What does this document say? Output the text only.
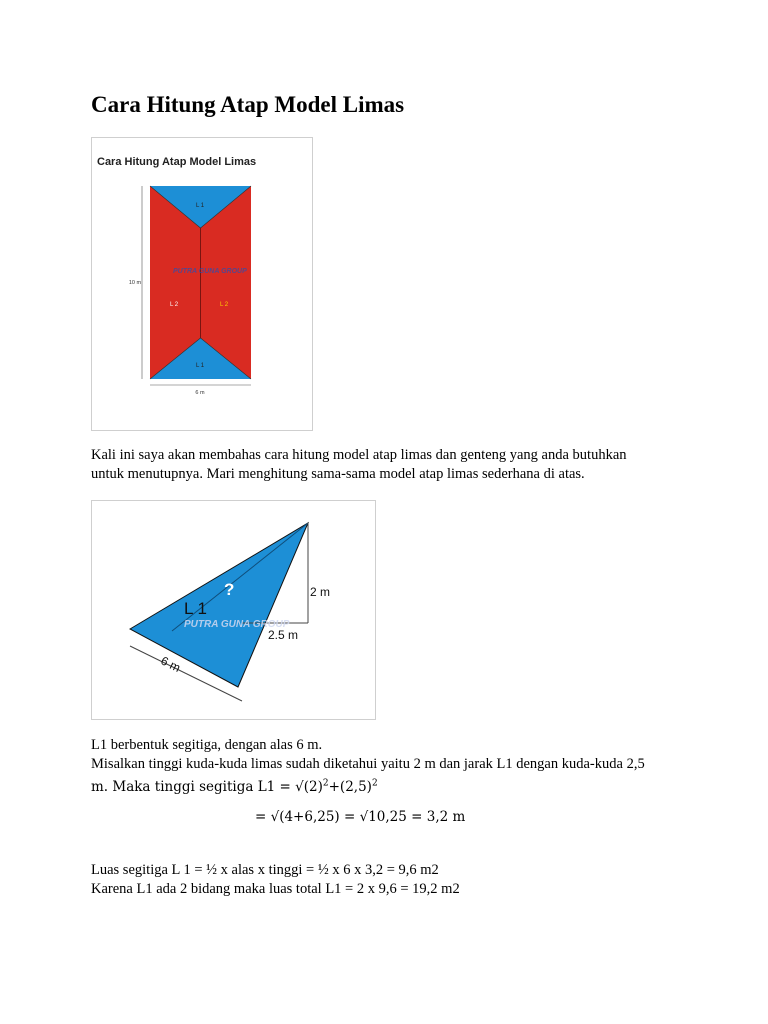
Cara Hitung Atap Model Limas
Cara Hitung Atap Model Limas
L 1
L 2	L 2
L 1
PUTRA GUNA GROUP
10 m
6 m

Kali ini saya akan membahas cara hitung model atap limas dan genteng yang anda butuhkan
untuk menutupnya. Mari menghitung sama-sama model atap limas sederhana di atas.

L 1
?	2 m
2.5 m
6 m
PUTRA GUNA GROUP

L1 berbentuk segitiga, dengan alas 6 m.
Misalkan tinggi kuda-kuda limas sudah diketahui yaitu 2 m dan jarak L1 dengan kuda-kuda 2,5
m. Maka tinggi segitiga $L1 = √(2)^2+(2,5)^2$

= √(4+6,25) = √10,25 = 3,2 m

Luas segitiga L 1 = ½ x alas x tinggi = ½ x 6 x 3,2 = 9,6 m2
Karena L1 ada 2 bidang maka luas total L1 = 2 x 9,6 = 19,2 m2
